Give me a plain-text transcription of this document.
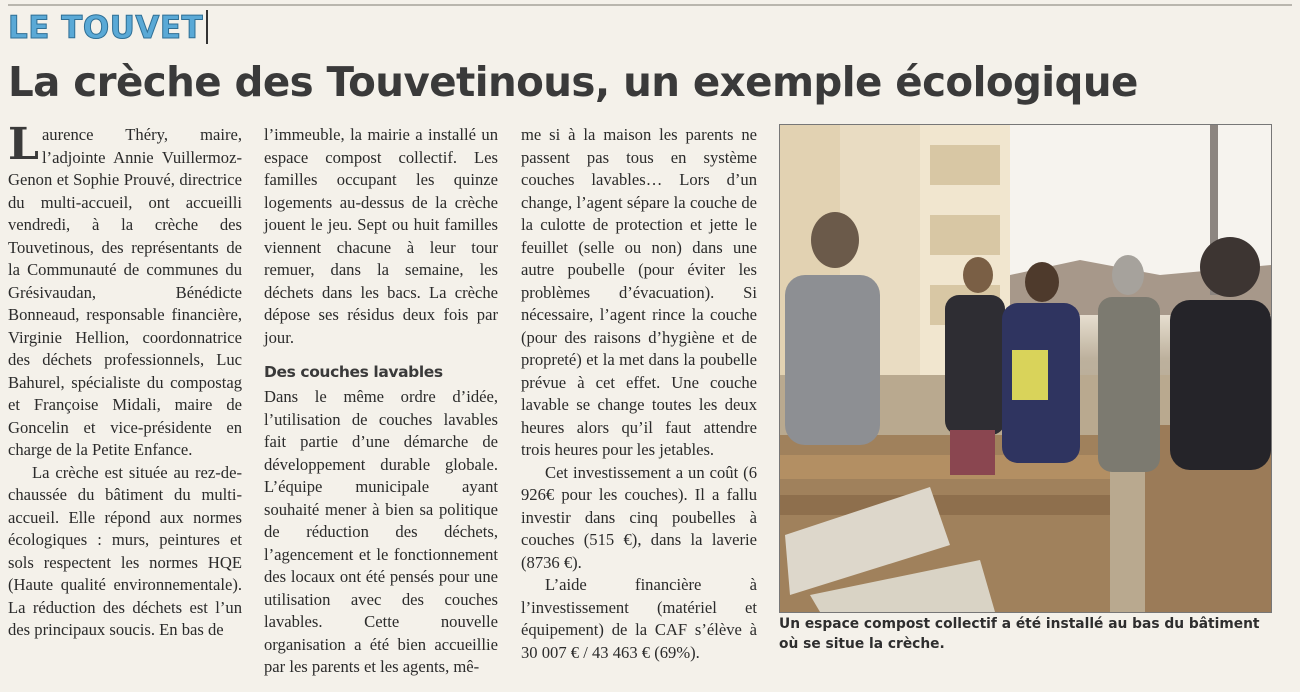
LE TOUVET
La crèche des Touvetinous, un exemple écologique

Laurence Théry, maire, l’adjointe Annie Vuillermoz-Genon et Sophie Prouvé, directrice du multi-accueil, ont accueilli vendredi, à la crèche des Touvetinous, des représentants de la Communauté de communes du Grésivaudan, Bénédicte Bonneaud, responsable financière, Virginie Hellion, coordonnatrice des déchets professionnels, Luc Bahurel, spécialiste du compostag et Françoise Midali, maire de Goncelin et vice-présidente en charge de la Petite Enfance.

La crèche est située au rez-de-chaussée du bâtiment du multi-accueil. Elle répond aux normes écologiques : murs, peintures et sols respectent les normes HQE (Haute qualité environnementale). La réduction des déchets est l’un des principaux soucis. En bas de

l’immeuble, la mairie a installé un espace compost collectif. Les familles occupant les quinze logements au-dessus de la crèche jouent le jeu. Sept ou huit familles viennent chacune à leur tour remuer, dans la semaine, les déchets dans les bacs. La crèche dépose ses résidus deux fois par jour.

Des couches lavables

Dans le même ordre d’idée, l’utilisation de couches lavables fait partie d’une démarche de développement durable globale. L’équipe municipale ayant souhaité mener à bien sa politique de réduction des déchets, l’agencement et le fonctionnement des locaux ont été pensés pour une utilisation avec des couches lavables. Cette nouvelle organisation a été bien accueillie par les parents et les agents, mê-

me si à la maison les parents ne passent pas tous en système couches lavables… Lors d’un change, l’agent sépare la couche de la culotte de protection et jette le feuillet (selle ou non) dans une autre poubelle (pour éviter les problèmes d’évacuation). Si nécessaire, l’agent rince la couche (pour des raisons d’hygiène et de propreté) et la met dans la poubelle prévue à cet effet. Une couche lavable se change toutes les deux heures alors qu’il faut attendre trois heures pour les jetables.

Cet investissement a un coût (6 926€ pour les couches). Il a fallu investir dans cinq poubelles à couches (515 €), dans la laverie (8736 €).

L’aide financière à l’investissement (matériel et équipement) de la CAF s’élève à 30 007 € / 43 463 € (69%).

Un espace compost collectif a été installé au bas du bâtiment où se situe la crèche.
